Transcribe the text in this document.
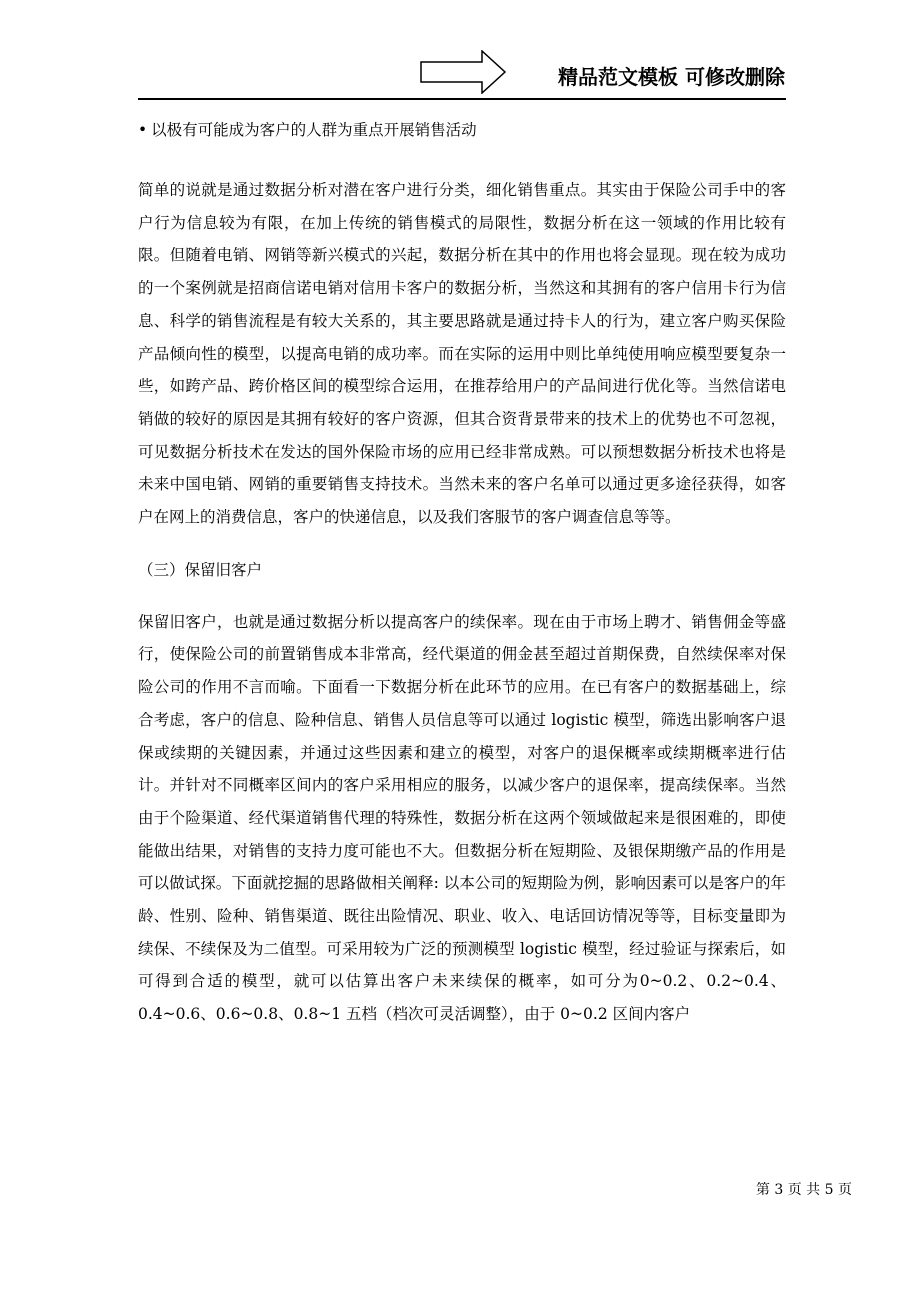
精品范文模板 可修改删除

• 以极有可能成为客户的人群为重点开展销售活动

简单的说就是通过数据分析对潜在客户进行分类，细化销售重点。其实由于保险公司手中的客户行为信息较为有限，在加上传统的销售模式的局限性，数据分析在这一领域的作用比较有限。但随着电销、网销等新兴模式的兴起，数据分析在其中的作用也将会显现。现在较为成功的一个案例就是招商信诺电销对信用卡客户的数据分析，当然这和其拥有的客户信用卡行为信息、科学的销售流程是有较大关系的，其主要思路就是通过持卡人的行为，建立客户购买保险产品倾向性的模型，以提高电销的成功率。而在实际的运用中则比单纯使用响应模型要复杂一些，如跨产品、跨价格区间的模型综合运用，在推荐给用户的产品间进行优化等。当然信诺电销做的较好的原因是其拥有较好的客户资源，但其合资背景带来的技术上的优势也不可忽视，可见数据分析技术在发达的国外保险市场的应用已经非常成熟。可以预想数据分析技术也将是未来中国电销、网销的重要销售支持技术。当然未来的客户名单可以通过更多途径获得，如客户在网上的消费信息，客户的快递信息，以及我们客服节的客户调查信息等等。

（三）保留旧客户

保留旧客户，也就是通过数据分析以提高客户的续保率。现在由于市场上聘才、销售佣金等盛行，使保险公司的前置销售成本非常高，经代渠道的佣金甚至超过首期保费，自然续保率对保险公司的作用不言而喻。下面看一下数据分析在此环节的应用。在已有客户的数据基础上，综合考虑，客户的信息、险种信息、销售人员信息等可以通过 logistic 模型，筛选出影响客户退保或续期的关键因素，并通过这些因素和建立的模型，对客户的退保概率或续期概率进行估计。并针对不同概率区间内的客户采用相应的服务，以减少客户的退保率，提高续保率。当然由于个险渠道、经代渠道销售代理的特殊性，数据分析在这两个领域做起来是很困难的，即使能做出结果，对销售的支持力度可能也不大。但数据分析在短期险、及银保期缴产品的作用是可以做试探。下面就挖掘的思路做相关阐释: 以本公司的短期险为例，影响因素可以是客户的年龄、性别、险种、销售渠道、既往出险情况、职业、收入、电话回访情况等等，目标变量即为续保、不续保及为二值型。可采用较为广泛的预测模型 logistic 模型，经过验证与探索后，如可得到合适的模型，就可以估算出客户未来续保的概率，如可分为0~0.2、0.2~0.4、0.4~0.6、0.6~0.8、0.8~1 五档（档次可灵活调整），由于 0~0.2 区间内客户

第 3 页 共 5 页
